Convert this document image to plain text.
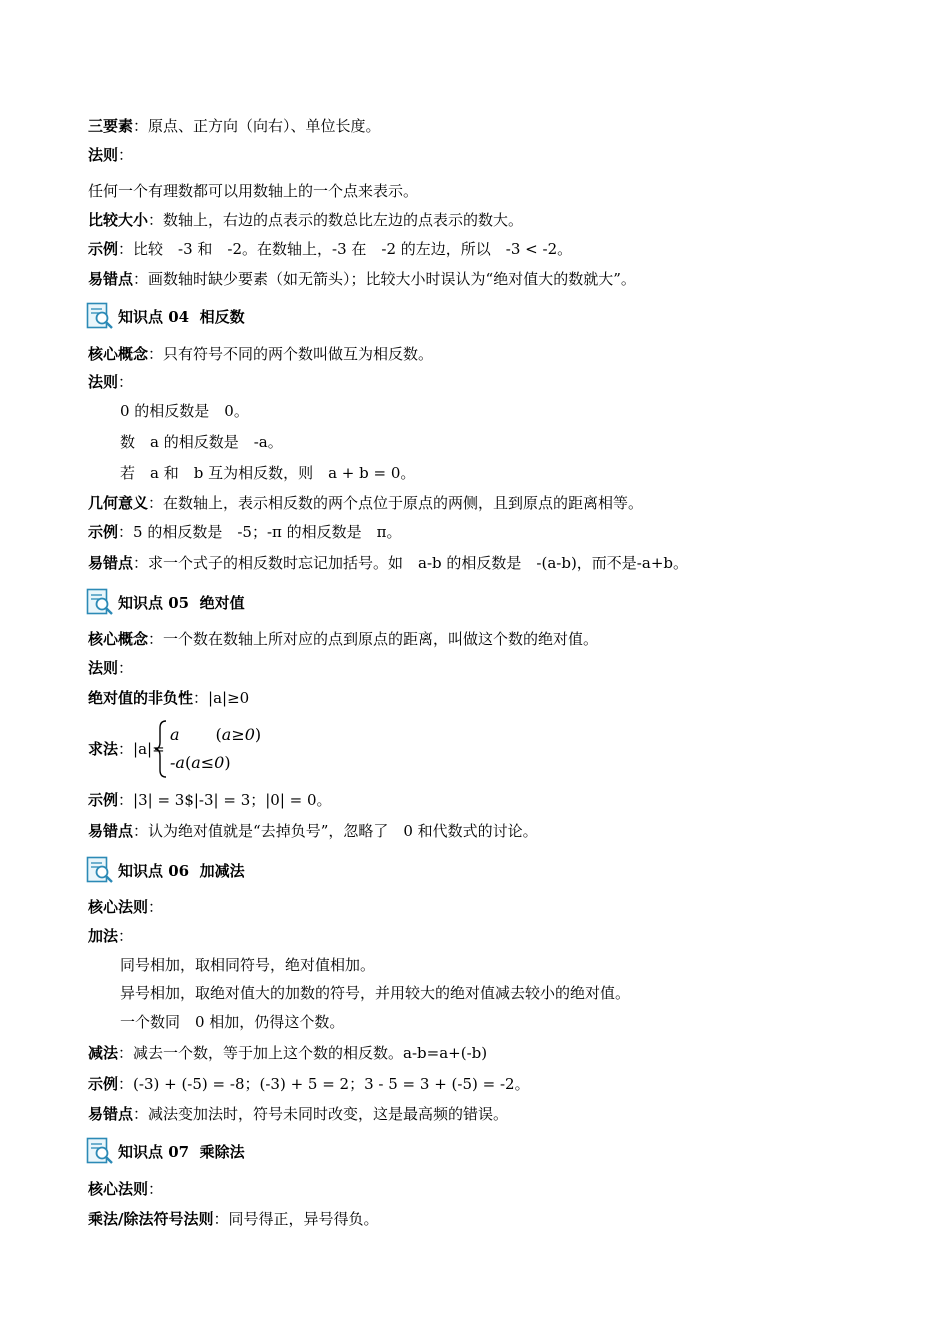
三要素：原点、正方向（向右）、单位长度。
法则：
任何一个有理数都可以用数轴上的一个点来表示。
比较大小：数轴上，右边的点表示的数总比左边的点表示的数大。
示例：比较　-3 和　-2。在数轴上，-3 在　-2 的左边，所以　-3 < -2。
易错点：画数轴时缺少要素（如无箭头）；比较大小时误认为“绝对值大的数就大”。
知识点 04 相反数
核心概念：只有符号不同的两个数叫做互为相反数。
法则：
0 的相反数是　0。
数　a 的相反数是　-a。
若　a 和　b 互为相反数，则　a + b = 0。
几何意义：在数轴上，表示相反数的两个点位于原点的两侧，且到原点的距离相等。
示例：5 的相反数是　-5；-π 的相反数是　π。
易错点：求一个式子的相反数时忘记加括号。如　a-b 的相反数是　-(a-b)，而不是-a+b。
知识点 05 绝对值
核心概念：一个数在数轴上所对应的点到原点的距离，叫做这个数的绝对值。
法则：
绝对值的非负性：|a|≥0
求法：|a|=
a (a≥0)
-a(a≤0)
示例：|3| = 3$|-3| = 3；|0| = 0。
易错点：认为绝对值就是“去掉负号”，忽略了　0 和代数式的讨论。
知识点 06 加减法
核心法则：
加法：
同号相加，取相同符号，绝对值相加。
异号相加，取绝对值大的加数的符号，并用较大的绝对值减去较小的绝对值。
一个数同　0 相加，仍得这个数。
减法：减去一个数，等于加上这个数的相反数。a-b=a+(-b)
示例：(-3) + (-5) = -8；(-3) + 5 = 2；3 - 5 = 3 + (-5) = -2。
易错点：减法变加法时，符号未同时改变，这是最高频的错误。
知识点 07 乘除法
核心法则：
乘法/除法符号法则：同号得正，异号得负。
